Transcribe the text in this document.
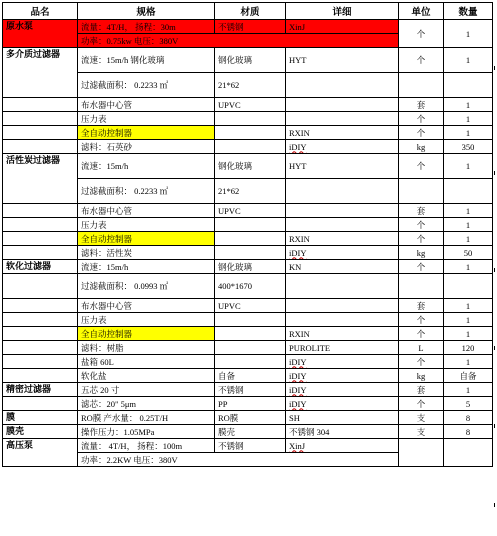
品名	规格	材质	详细	单位	数量
原水泵	流量：4T/H， 扬程：30m	不锈钢	XinJ	个	1
	功率：0.75kw 电压：380V				
多介质过滤器	流速：15m/h 钢化玻璃	钢化玻璃	HYT	个	1
	过滤截面积： 0.2233 ㎡	21*62			
	布水器中心管	UPVC		套	1
	压力表			个	1
	全自动控制器		RXIN	个	1
	滤料：石英砂		iDIY	kg	350
活性炭过滤器	流速：15m/h	钢化玻璃	HYT	个	1
	过滤截面积： 0.2233 ㎡	21*62			
	布水器中心管	UPVC		套	1
	压力表			个	1
	全自动控制器		RXIN	个	1
	滤料：活性炭		iDIY	kg	50
软化过滤器	流速：15m/h	钢化玻璃	KN	个	1
	过滤截面积： 0.0993 ㎡	400*1670			
	布水器中心管	UPVC		套	1
	压力表			个	1
	全自动控制器		RXIN	个	1
	滤料：树脂		PUROLITE	L	120
	盐箱 60L		iDIY	个	1
	软化盐	自备	iDIY	kg	自备
精密过滤器	五芯 20 寸	不锈钢	iDIY	套	1
	滤芯：20" 5μm	PP	iDIY	个	5
膜	RO膜 产水量： 0.25T/H	RO膜	SH	支	8
膜壳	操作压力：1.05MPa	膜壳	不锈钢 304	支	8
高压泵	流量： 4T/H， 扬程：100m	不锈钢	XinJ		
	功率：2.2KW 电压：380V				
